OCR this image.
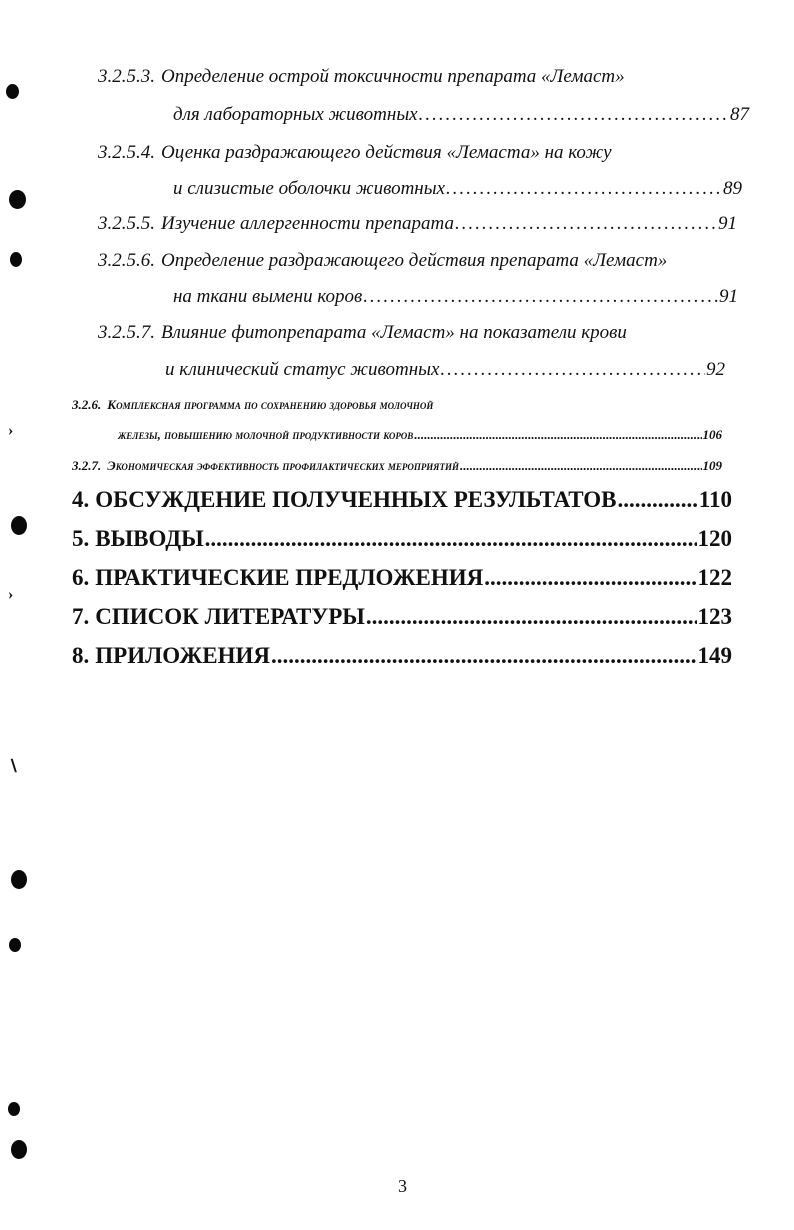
›
›
∖
3.2.5.3. Определение острой токсичности препарата «Лемаст»
для лабораторных животных .....	87
3.2.5.4. Оценка раздражающего действия «Лемаста» на кожу
и слизистые оболочки животных .....	89
3.2.5.5. Изучение аллергенности препарата .....	91
3.2.5.6. Определение раздражающего действия препарата «Лемаст»
на ткани вымени коров .....	91
3.2.5.7. Влияние фитопрепарата «Лемаст» на показатели крови
и клинический статус животных .....	92
3.2.6. Комплексная программа по сохранению здоровья молочной
железы, повышению молочной продуктивности коров .....	106
3.2.7. Экономическая эффективность профилактических мероприятий .....	109
4. ОБСУЖДЕНИЕ ПОЛУЧЕННЫХ РЕЗУЛЬТАТОВ .....	110
5. ВЫВОДЫ .....	120
6. ПРАКТИЧЕСКИЕ ПРЕДЛОЖЕНИЯ .....	122
7. СПИСОК ЛИТЕРАТУРЫ .....	123
8. ПРИЛОЖЕНИЯ .....	149
3
